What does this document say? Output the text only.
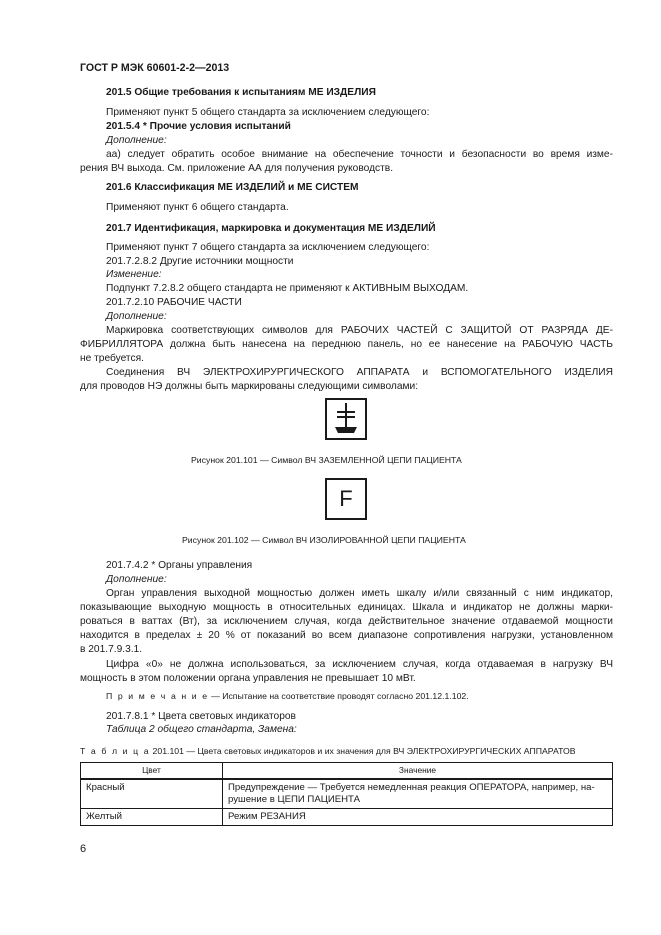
ГОСТ Р МЭК 60601-2-2—2013
201.5 Общие требования к испытаниям МЕ ИЗДЕЛИЯ
Применяют пункт 5 общего стандарта за исключением следующего:
201.5.4 * Прочие условия испытаний
Дополнение:
аа) следует обратить особое внимание на обеспечение точности и безопасности во время изме-
рения ВЧ выхода. См. приложение АА для получения руководств.
201.6 Классификация МЕ ИЗДЕЛИЙ и МЕ СИСТЕМ
Применяют пункт 6 общего стандарта.
201.7 Идентификация, маркировка и документация МЕ ИЗДЕЛИЙ
Применяют пункт 7 общего стандарта за исключением следующего:
201.7.2.8.2 Другие источники мощности
Изменение:
Подпункт 7.2.8.2 общего стандарта не применяют к АКТИВНЫМ ВЫХОДАМ.
201.7.2.10 РАБОЧИЕ ЧАСТИ
Дополнение:
Маркировка соответствующих символов для РАБОЧИХ ЧАСТЕЙ С ЗАЩИТОЙ ОТ РАЗРЯДА ДЕ-
ФИБРИЛЛЯТОРА должна быть нанесена на переднюю панель, но ее нанесение на РАБОЧУЮ ЧАСТЬ
не требуется.
Соединения ВЧ ЭЛЕКТРОХИРУРГИЧЕСКОГО АППАРАТА и ВСПОМОГАТЕЛЬНОГО ИЗДЕЛИЯ
для проводов НЭ должны быть маркированы следующими символами:
Рисунок 201.101 — Символ ВЧ ЗАЗЕМЛЕННОЙ ЦЕПИ ПАЦИЕНТА
F
Рисунок 201.102 — Символ ВЧ ИЗОЛИРОВАННОЙ ЦЕПИ ПАЦИЕНТА
201.7.4.2 * Органы управления
Дополнение:
Орган управления выходной мощностью должен иметь шкалу и/или связанный с ним индикатор,
показывающие выходную мощность в относительных единицах. Шкала и индикатор не должны марки-
роваться в ваттах (Вт), за исключением случая, когда действительное значение отдаваемой мощности
находится в пределах ± 20 % от показаний во всем диапазоне сопротивления нагрузки, установленном
в 201.7.9.3.1.
Цифра «0» не должна использоваться, за исключением случая, когда отдаваемая в нагрузку ВЧ
мощность в этом положении органа управления не превышает 10 мВт.
П р и м е ч а н и е — Испытание на соответствие проводят согласно 201.12.1.102.
201.7.8.1 * Цвета световых индикаторов
Таблица 2 общего стандарта, Замена:
Т а б л и ц а 201.101 — Цвета световых индикаторов и их значения для ВЧ ЭЛЕКТРОХИРУРГИЧЕСКИХ АППАРАТОВ
Цвет	Значение
Красный	Предупреждение — Требуется немедленная реакция ОПЕРАТОРА, например, на-
рушение в ЦЕПИ ПАЦИЕНТА

Желтый	Режим РЕЗАНИЯ
6
